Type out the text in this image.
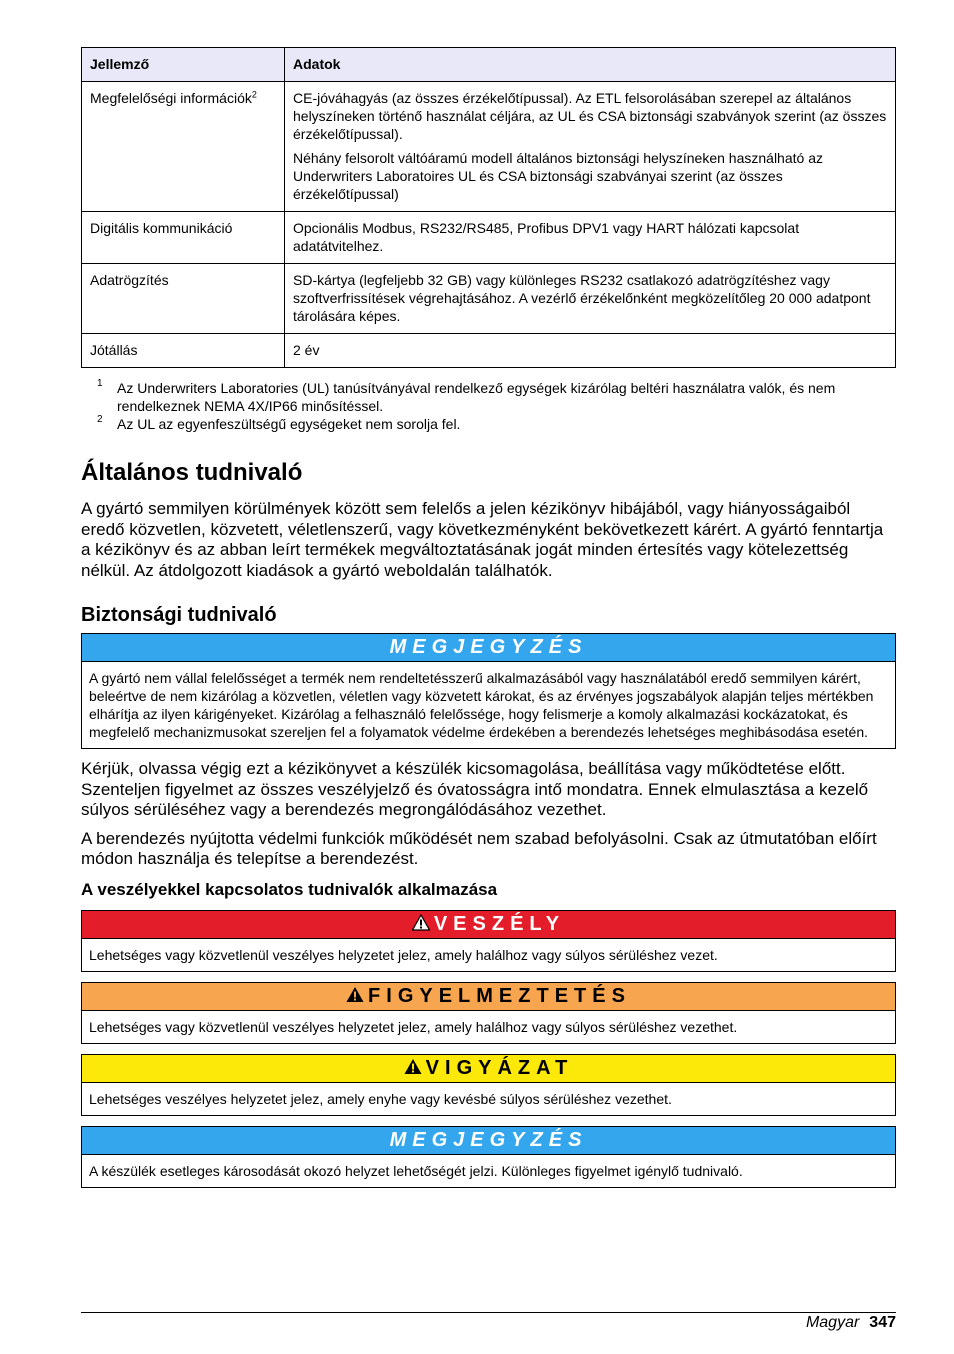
Jellemző	Adatok
Megfelelőségi információk$^2$	CE-jóváhagyás (az összes érzékelőtípussal). Az ETL felsorolásában szerepel az általános helyszíneken történő használat céljára, az UL és CSA biztonsági szabványok szerint (az összes érzékelőtípussal).

Néhány felsorolt váltóáramú modell általános biztonsági helyszíneken használható az Underwriters Laboratoires UL és CSA biztonsági szabványai szerint (az összes érzékelőtípussal)

Digitális kommunikáció	Opcionális Modbus, RS232/RS485, Profibus DPV1 vagy HART hálózati kapcsolat adatátvitelhez.

Adatrögzítés	SD-kártya (legfeljebb 32 GB) vagy különleges RS232 csatlakozó adatrögzítéshez vagy szoftverfrissítések végrehajtásához. A vezérlő érzékelőnként megközelítőleg 20 000 adatpont tárolására képes.

Jótállás	2 év

1 Az Underwriters Laboratories (UL) tanúsítványával rendelkező egységek kizárólag beltéri használatra valók, és nem rendelkeznek NEMA 4X/IP66 minősítéssel.
2 Az UL az egyenfeszültségű egységeket nem sorolja fel.
Általános tudnivaló

A gyártó semmilyen körülmények között sem felelős a jelen kézikönyv hibájából, vagy hiányosságaiból eredő közvetlen, közvetett, véletlenszerű, vagy következményként bekövetkezett kárért. A gyártó fenntartja a kézikönyv és az abban leírt termékek megváltoztatásának jogát minden értesítés vagy kötelezettség nélkül. Az átdolgozott kiadások a gyártó weboldalán találhatók.

Biztonsági tudnivaló
MEGJEGYZÉS
A gyártó nem vállal felelősséget a termék nem rendeltetésszerű alkalmazásából vagy használatából eredő semmilyen kárért, beleértve de nem kizárólag a közvetlen, véletlen vagy közvetett károkat, és az érvényes jogszabályok alapján teljes mértékben elhárítja az ilyen kárigényeket. Kizárólag a felhasználó felelőssége, hogy felismerje a komoly alkalmazási kockázatokat, és megfelelő mechanizmusokat szereljen fel a folyamatok védelme érdekében a berendezés lehetséges meghibásodása esetén.

Kérjük, olvassa végig ezt a kézikönyvet a készülék kicsomagolása, beállítása vagy működtetése előtt. Szenteljen figyelmet az összes veszélyjelző és óvatosságra intő mondatra. Ennek elmulasztása a kezelő súlyos sérüléséhez vagy a berendezés megrongálódásához vezethet.

A berendezés nyújtotta védelmi funkciók működését nem szabad befolyásolni. Csak az útmutatóban előírt módon használja és telepítse a berendezést.

A veszélyekkel kapcsolatos tudnivalók alkalmazása
VESZÉLY
Lehetséges vagy közvetlenül veszélyes helyzetet jelez, amely halálhoz vagy súlyos sérüléshez vezet.
FIGYELMEZTETÉS
Lehetséges vagy közvetlenül veszélyes helyzetet jelez, amely halálhoz vagy súlyos sérüléshez vezethet.
VIGYÁZAT
Lehetséges veszélyes helyzetet jelez, amely enyhe vagy kevésbé súlyos sérüléshez vezethet.
MEGJEGYZÉS
A készülék esetleges károsodását okozó helyzet lehetőségét jelzi. Különleges figyelmet igénylő tudnivaló.
Magyar 347
